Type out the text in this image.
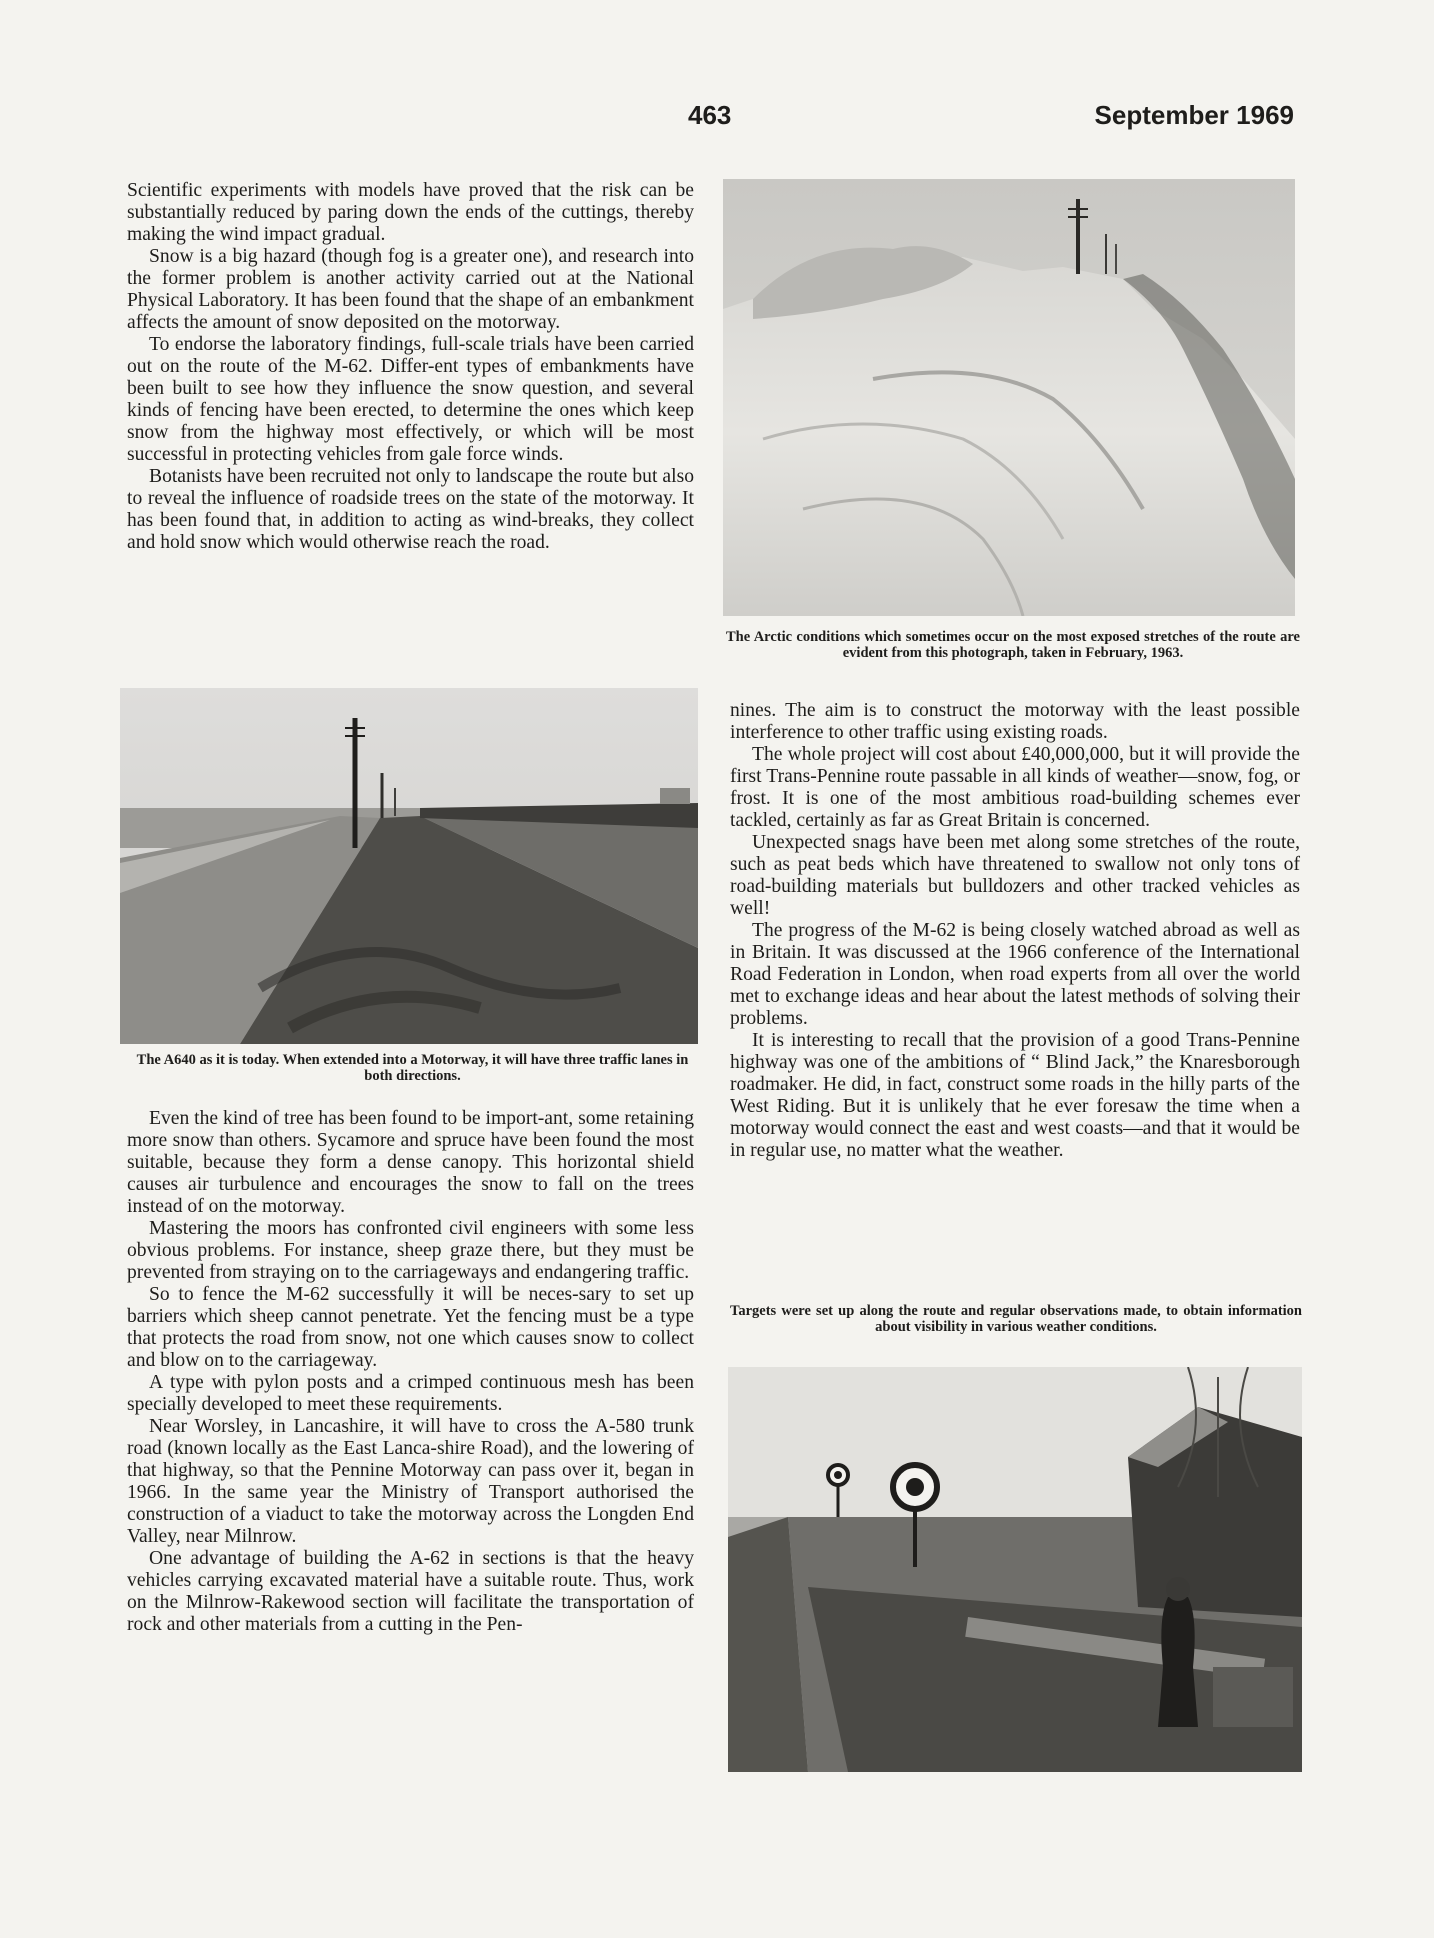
463	September 1969

Scientific experiments with models have proved that the risk can be substantially reduced by paring down the ends of the cuttings, thereby making the wind impact gradual.

Snow is a big hazard (though fog is a greater one), and research into the former problem is another activity carried out at the National Physical Laboratory. It has been found that the shape of an embankment affects the amount of snow deposited on the motorway.

To endorse the laboratory findings, full-scale trials have been carried out on the route of the M-62. Differ-ent types of embankments have been built to see how they influence the snow question, and several kinds of fencing have been erected, to determine the ones which keep snow from the highway most effectively, or which will be most successful in protecting vehicles from gale force winds.

Botanists have been recruited not only to landscape the route but also to reveal the influence of roadside trees on the state of the motorway. It has been found that, in addition to acting as wind-breaks, they collect and hold snow which would otherwise reach the road.

The Arctic conditions which sometimes occur on the most exposed stretches of the route are evident from this photograph, taken in February, 1963.
The A640 as it is today. When extended into a Motorway, it will have three traffic lanes in both directions.

Even the kind of tree has been found to be import-ant, some retaining more snow than others. Sycamore and spruce have been found the most suitable, because they form a dense canopy. This horizontal shield causes air turbulence and encourages the snow to fall on the trees instead of on the motorway.

Mastering the moors has confronted civil engineers with some less obvious problems. For instance, sheep graze there, but they must be prevented from straying on to the carriageways and endangering traffic.

So to fence the M-62 successfully it will be neces-sary to set up barriers which sheep cannot penetrate. Yet the fencing must be a type that protects the road from snow, not one which causes snow to collect and blow on to the carriageway.

A type with pylon posts and a crimped continuous mesh has been specially developed to meet these requirements.

Near Worsley, in Lancashire, it will have to cross the A-580 trunk road (known locally as the East Lanca-shire Road), and the lowering of that highway, so that the Pennine Motorway can pass over it, began in 1966. In the same year the Ministry of Transport authorised the construction of a viaduct to take the motorway across the Longden End Valley, near Milnrow.

One advantage of building the A-62 in sections is that the heavy vehicles carrying excavated material have a suitable route. Thus, work on the Milnrow-Rakewood section will facilitate the transportation of rock and other materials from a cutting in the Pen-

nines. The aim is to construct the motorway with the least possible interference to other traffic using existing roads.

The whole project will cost about £40,000,000, but it will provide the first Trans-Pennine route passable in all kinds of weather—snow, fog, or frost. It is one of the most ambitious road-building schemes ever tackled, certainly as far as Great Britain is concerned.

Unexpected snags have been met along some stretches of the route, such as peat beds which have threatened to swallow not only tons of road-building materials but bulldozers and other tracked vehicles as well!

The progress of the M-62 is being closely watched abroad as well as in Britain. It was discussed at the 1966 conference of the International Road Federation in London, when road experts from all over the world met to exchange ideas and hear about the latest methods of solving their problems.

It is interesting to recall that the provision of a good Trans-Pennine highway was one of the ambitions of “ Blind Jack,” the Knaresborough roadmaker. He did, in fact, construct some roads in the hilly parts of the West Riding. But it is unlikely that he ever foresaw the time when a motorway would connect the east and west coasts—and that it would be in regular use, no matter what the weather.

Targets were set up along the route and regular observations made, to obtain information about visibility in various weather conditions.
